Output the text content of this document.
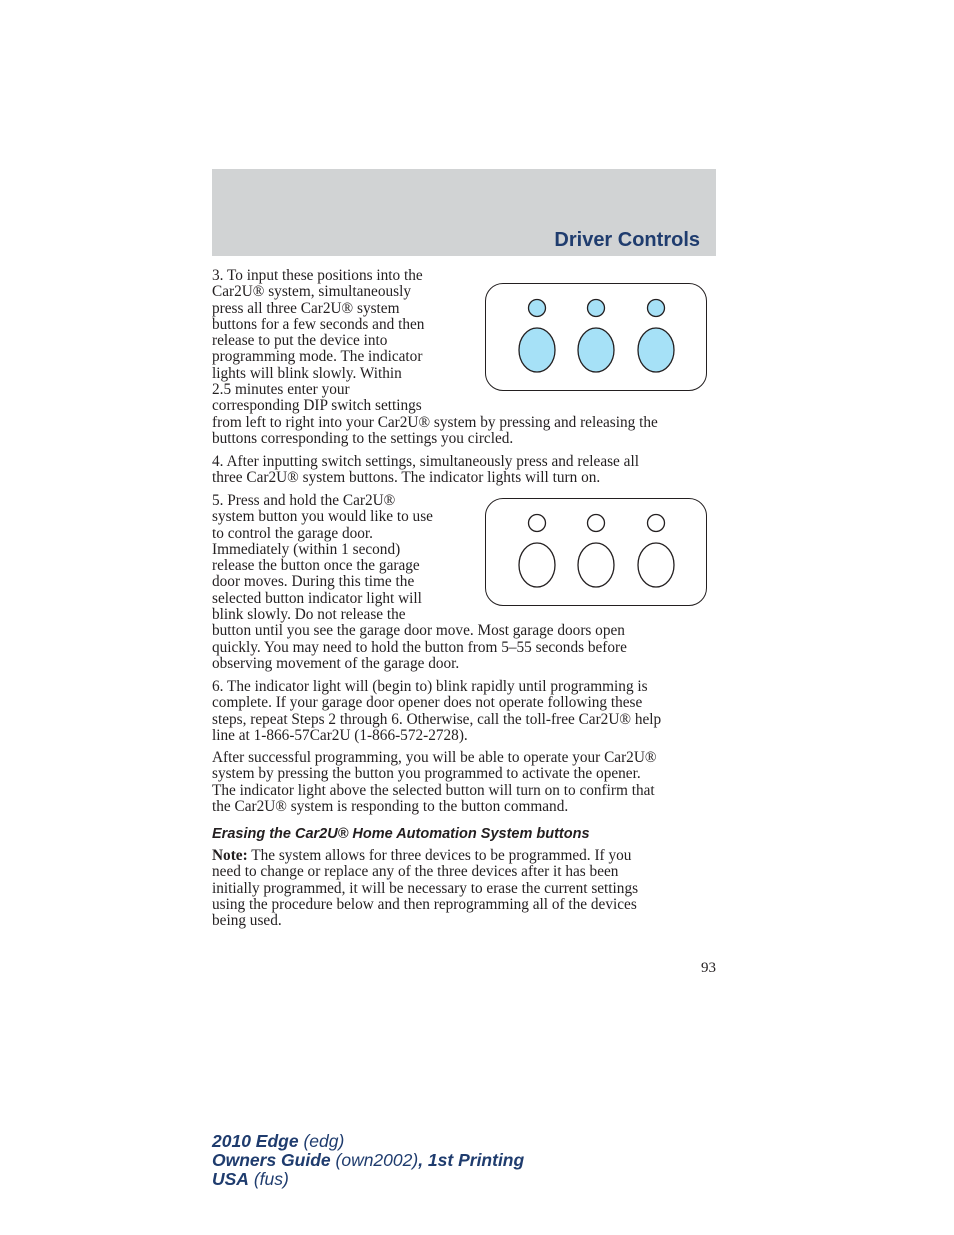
Driver Controls
3. To input these positions into the
Car2U® system, simultaneously
press all three Car2U® system
buttons for a few seconds and then
release to put the device into
programming mode. The indicator
lights will blink slowly. Within
2.5 minutes enter your
corresponding DIP switch settings
from left to right into your Car2U® system by pressing and releasing the
buttons corresponding to the settings you circled.
4. After inputting switch settings, simultaneously press and release all
three Car2U® system buttons. The indicator lights will turn on.
5. Press and hold the Car2U®
system button you would like to use
to control the garage door.
Immediately (within 1 second)
release the button once the garage
door moves. During this time the
selected button indicator light will
blink slowly. Do not release the
button until you see the garage door move. Most garage doors open
quickly. You may need to hold the button from 5–55 seconds before
observing movement of the garage door.
6. The indicator light will (begin to) blink rapidly until programming is
complete. If your garage door opener does not operate following these
steps, repeat Steps 2 through 6. Otherwise, call the toll-free Car2U® help
line at 1-866-57Car2U (1-866-572-2728).
After successful programming, you will be able to operate your Car2U®
system by pressing the button you programmed to activate the opener.
The indicator light above the selected button will turn on to confirm that
the Car2U® system is responding to the button command.
Erasing the Car2U® Home Automation System buttons
Note: The system allows for three devices to be programmed. If you
need to change or replace any of the three devices after it has been
initially programmed, it will be necessary to erase the current settings
using the procedure below and then reprogramming all of the devices
being used.
93
2010 Edge (edg)
Owners Guide (own2002), 1st Printing
USA (fus)
